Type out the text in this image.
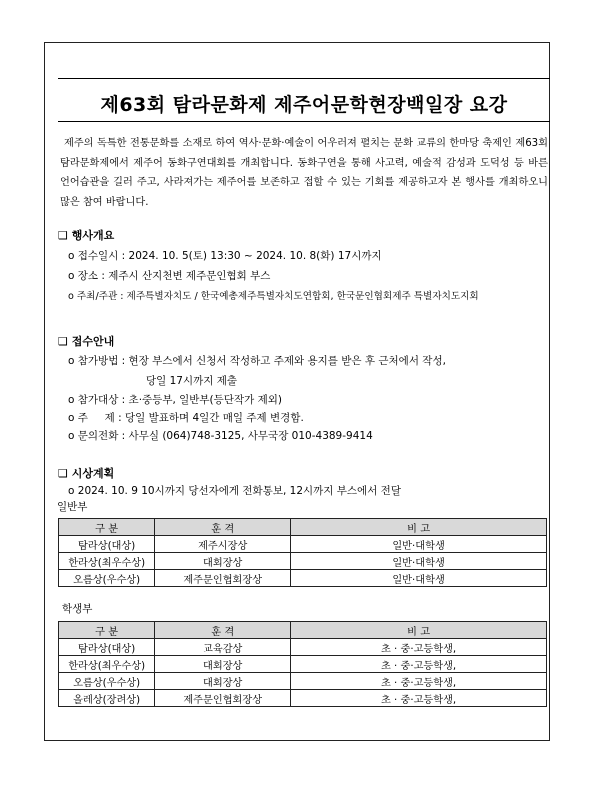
제63회 탐라문화제 제주어문학현장백일장 요강
제주의 독특한 전통문화를 소재로 하여 역사·문화·예술이 어우러져 펼치는 문화 교류의 한마당 축제인 제63회 탐라문화제에서 제주어 동화구연대회를 개최합니다. 동화구연을 통해 사고력, 예술적 감성과 도덕성 등 바른 언어습관을 길러 주고, 사라져가는 제주어를 보존하고 접할 수 있는 기회를 제공하고자 본 행사를 개최하오니 많은 참여 바랍니다.
❑ 행사개요
o 접수일시 : 2024. 10. 5(토) 13:30 ~ 2024. 10. 8(화) 17시까지
o 장소 : 제주시 산지천변 제주문인협회 부스
o 주최/주관 : 제주특별자치도 / 한국예총제주특별자치도연합회, 한국문인협회제주 특별자치도지회
❑ 접수안내
o 참가방법 : 현장 부스에서 신청서 작성하고 주제와 용지를 받은 후 근처에서 작성,
당일 17시까지 제출
o 참가대상 : 초·중등부, 일반부(등단작가 제외)
o 주     제 : 당일 발표하며 4일간 매일 주제 변경함.
o 문의전화 : 사무실 (064)748-3125, 사무국장 010-4389-9414
❑ 시상계획
o 2024. 10. 9 10시까지 당선자에게 전화통보, 12시까지 부스에서 전달
일반부
구 분	훈 격	비 고
탐라상(대상)	제주시장상	일반·대학생
한라상(최우수상)	대회장상	일반·대학생
오름상(우수상)	제주문인협회장상	일반·대학생
학생부
구 분	훈 격	비 고
탐라상(대상)	교육감상	초 · 중·고등학생,
한라상(최우수상)	대회장상	초 · 중·고등학생,
오름상(우수상)	대회장상	초 · 중·고등학생,
올레상(장려상)	제주문인협회장상	초 · 중·고등학생,
